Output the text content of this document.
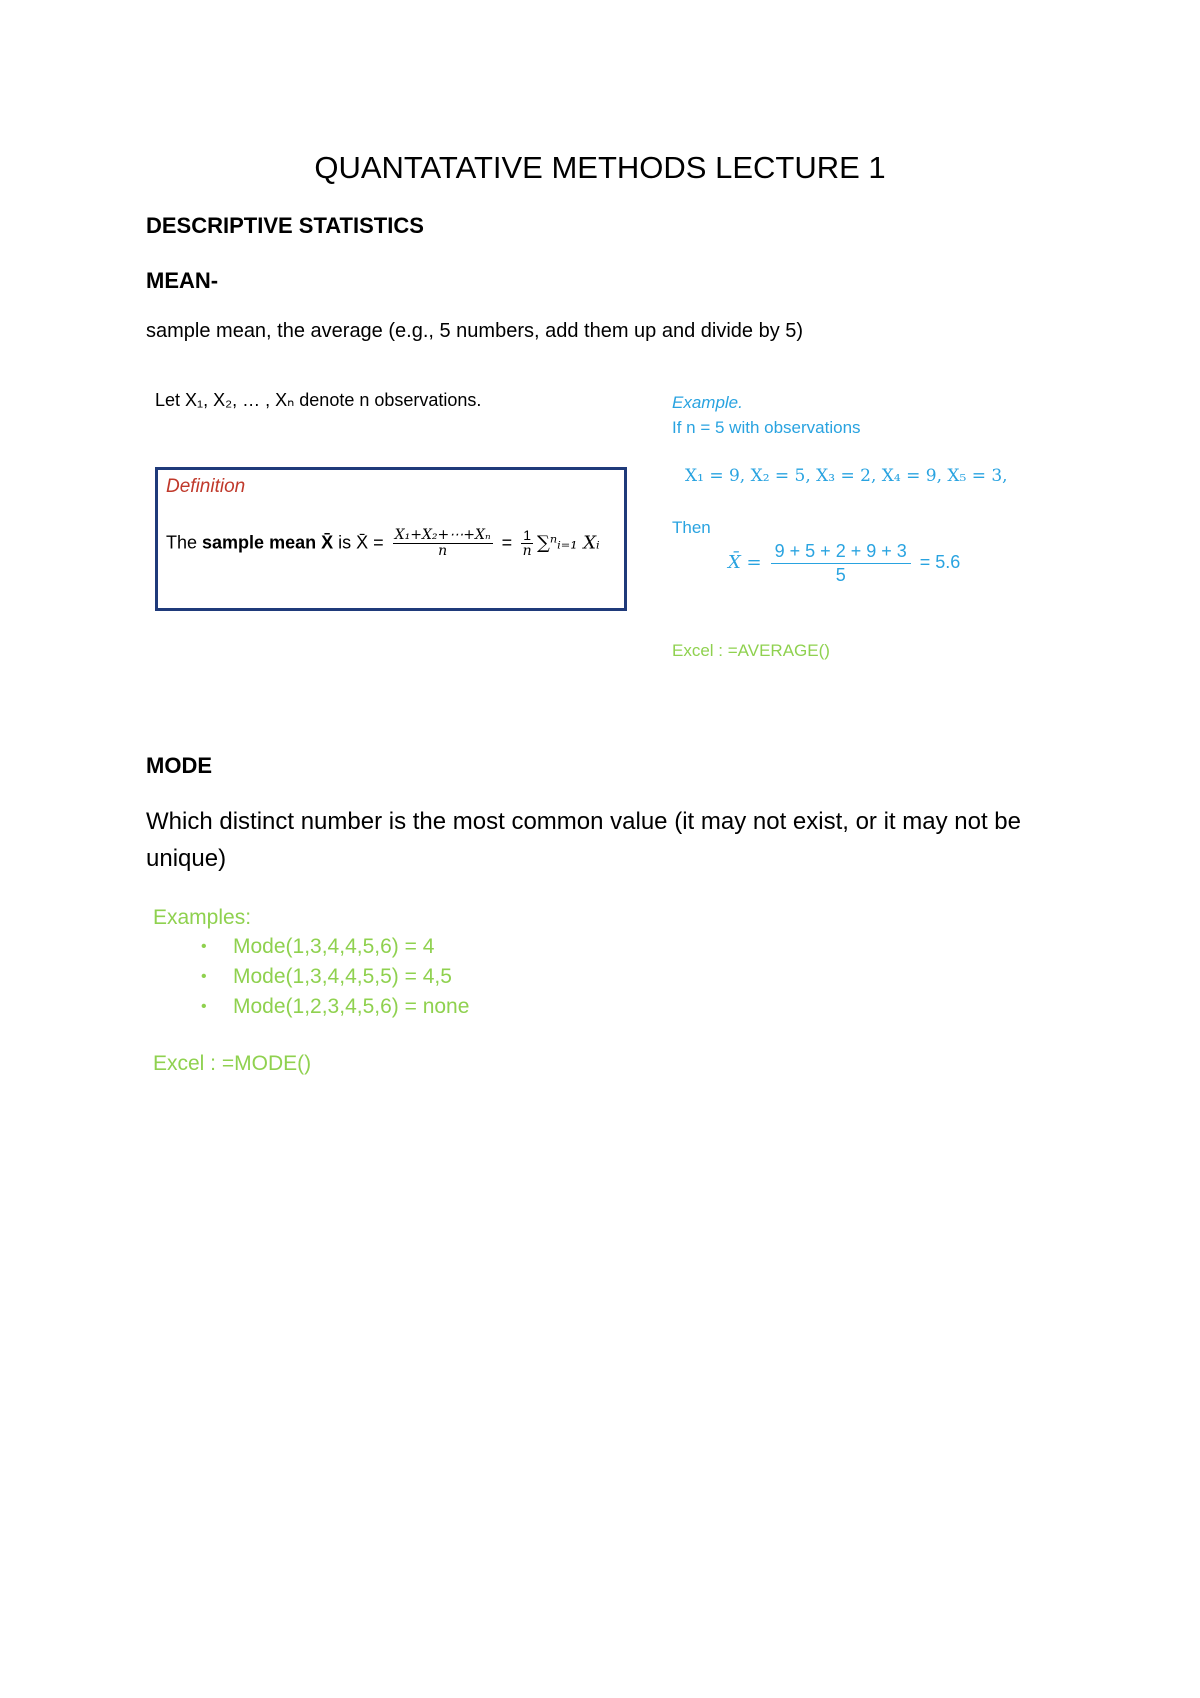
QUANTATATIVE METHODS LECTURE 1
DESCRIPTIVE STATISTICS
MEAN-
sample mean, the average (e.g., 5 numbers, add them up and divide by 5)
Let X₁, X₂, … , Xₙ denote n observations.
Definition
The sample mean X̄ is X̄ = $\frac{\text{X₁+X₂+⋯+Xₙ}}{n} = \frac{1}{n}$ ∑ⁿᵢ₌₁ Xᵢ
Example.
If n = 5 with observations
X₁ = 9, X₂ = 5, X₃ = 2, X₄ = 9, X₅ = 3,
Then
X̄ = $\frac{9 + 5 + 2 + 9 + 3}{5} = 5.6$
Excel : =AVERAGE()
MODE
Which distinct number is the most common value (it may not exist, or it may not be unique)
Examples:
• Mode(1,3,4,4,5,6) = 4
• Mode(1,3,4,4,5,5) = 4,5
• Mode(1,2,3,4,5,6) = none
Excel : =MODE()
